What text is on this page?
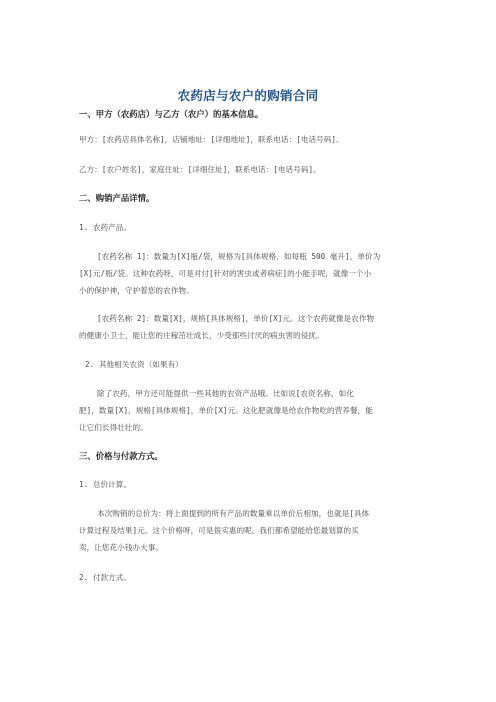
农药店与农户的购销合同
一、甲方（农药店）与乙方（农户）的基本信息。
甲方：[农药店具体名称]，店铺地址：[详细地址]，联系电话：[电话号码]。
乙方：[农户姓名]，家庭住址：[详细住址]，联系电话：[电话号码]。
二、购销产品详情。
1. 农药产品。
[农药名称 1]：数量为[X]瓶/袋，规格为[具体规格，如每瓶 500 毫升]，单价为
[X]元/瓶/袋。这种农药呀，可是对付[针对的害虫或者病症]的小能手呢，就像一个小
小的保护神，守护着您的农作物。
[农药名称 2]：数量[X]，规格[具体规格]，单价[X]元。这个农药就像是农作物
的健康小卫士，能让您的庄稼茁壮成长，少受那些讨厌的病虫害的侵扰。
2. 其他相关农资（如果有）
除了农药，甲方还可能提供一些其他的农资产品哦。比如说[农资名称，如化
肥]，数量[X]，规格[具体规格]，单价[X]元。这化肥就像是给农作物吃的营养餐，能
让它们长得壮壮的。
三、价格与付款方式。
1. 总价计算。
本次购销的总价为：将上面提到的所有产品的数量乘以单价后相加，也就是[具体
计算过程及结果]元。这个价格呀，可是很实惠的呢，我们都希望能给您最划算的买
卖，让您花小钱办大事。
2. 付款方式。
